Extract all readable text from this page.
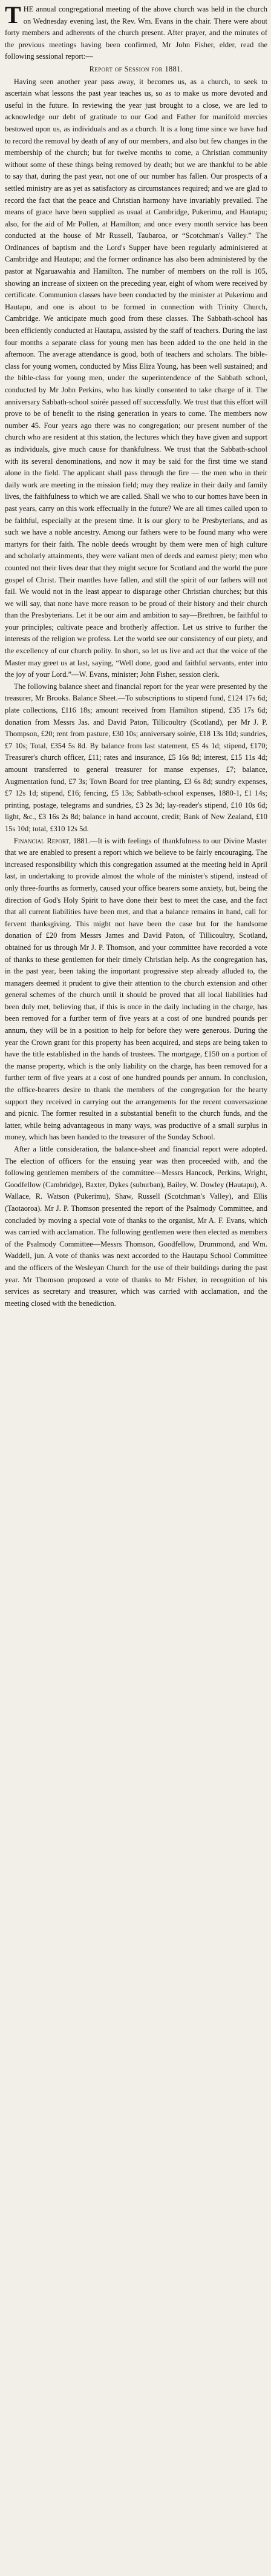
THE annual congregational meeting of the above church was held in the church on Wednesday evening last, the Rev. Wm. Evans in the chair. There were about forty members and adherents of the church present. After prayer, and the minutes of the previous meetings having been confirmed, Mr John Fisher, elder, read the following sessional report:—

Report of Session for 1881.

Having seen another year pass away, it becomes us, as a church, to seek to ascertain what lessons the past year teaches us, so as to make us more devoted and useful in the future. In reviewing the year just brought to a close, we are led to acknowledge our debt of gratitude to our God and Father for manifold mercies bestowed upon us, as individuals and as a church. It is a long time since we have had to record the removal by death of any of our members, and also but few changes in the membership of the church; but for twelve months to come, a Christian community without some of these things being removed by death; but we are thankful to be able to say that, during the past year, not one of our number has fallen. Our prospects of a settled ministry are as yet as satisfactory as circumstances required; and we are glad to record the fact that the peace and Christian harmony have invariably prevailed. The means of grace have been supplied as usual at Cambridge, Pukerimu, and Hautapu; also, for the aid of Mr Pollen, at Hamilton; and once every month service has been conducted at the house of Mr Russell, Taubaroa, or “Scotchman's Valley.” The Ordinances of baptism and the Lord's Supper have been regularly administered at Cambridge and Hautapu; and the former ordinance has also been administered by the pastor at Ngaruawahia and Hamilton. The number of members on the roll is 105, showing an increase of sixteen on the preceding year, eight of whom were received by certificate. Communion classes have been conducted by the minister at Pukerimu and Hautapu, and one is about to be formed in connection with Trinity Church, Cambridge. We anticipate much good from these classes. The Sabbath-school has been efficiently conducted at Hautapu, assisted by the staff of teachers. During the last four months a separate class for young men has been added to the one held in the afternoon. The average attendance is good, both of teachers and scholars. The bible-class for young women, conducted by Miss Eliza Young, has been well sustained; and the bible-class for young men, under the superintendence of the Sabbath school, conducted by Mr John Perkins, who has kindly consented to take charge of it. The anniversary Sabbath-school soirée passed off successfully. We trust that this effort will prove to be of benefit to the rising generation in years to come. The members now number 45. Four years ago there was no congregation; our present number of the church who are resident at this station, the lectures which they have given and support as individuals, give much cause for thankfulness. We trust that the Sabbath-school with its several denominations, and now it may be said for the first time we stand alone in the field. The applicant shall pass through the fire — the men who in their daily work are meeting in the mission field; may they realize in their daily and family lives, the faithfulness to which we are called. Shall we who to our homes have been in past years, carry on this work effectually in the future? We are all times called upon to be faithful, especially at the present time. It is our glory to be Presbyterians, and as such we have a noble ancestry. Among our fathers were to be found many who were martyrs for their faith. The noble deeds wrought by them were men of high culture and scholarly attainments, they were valiant men of deeds and earnest piety; men who counted not their lives dear that they might secure for Scotland and the world the pure gospel of Christ. Their mantles have fallen, and still the spirit of our fathers will not fail. We would not in the least appear to disparage other Christian churches; but this we will say, that none have more reason to be proud of their history and their church than the Presbyterians. Let it be our aim and ambition to say—Brethren, be faithful to your principles; cultivate peace and brotherly affection. Let us strive to further the interests of the religion we profess. Let the world see our consistency of our piety, and the excellency of our church polity. In short, so let us live and act that the voice of the Master may greet us at last, saying, “Well done, good and faithful servants, enter into the joy of your Lord.”—W. Evans, minister; John Fisher, session clerk.

The following balance sheet and financial report for the year were presented by the treasurer, Mr Brooks. Balance Sheet.—To subscriptions to stipend fund, £124 17s 6d; plate collections, £116 18s; amount received from Hamilton stipend, £35 17s 6d; donation from Messrs Jas. and David Paton, Tillicoultry (Scotland), per Mr J. P. Thompson, £20; rent from pasture, £30 10s; anniversary soirée, £18 13s 10d; sundries, £7 10s; Total, £354 5s 8d. By balance from last statement, £5 4s 1d; stipend, £170; Treasurer's church officer, £11; rates and insurance, £5 16s 8d; interest, £15 11s 4d; amount transferred to general treasurer for manse expenses, £7; balance, Augmentation fund, £7 3s; Town Board for tree planting, £3 6s 8d; sundry expenses, £7 12s 1d; stipend, £16; fencing, £5 13s; Sabbath-school expenses, 1880-1, £1 14s; printing, postage, telegrams and sundries, £3 2s 3d; lay-reader's stipend, £10 10s 6d; light, &c., £3 16s 2s 8d; balance in hand account, credit; Bank of New Zealand, £10 15s 10d; total, £310 12s 5d.

Financial Report, 1881.—It is with feelings of thankfulness to our Divine Master that we are enabled to present a report which we believe to be fairly encouraging. The increased responsibility which this congregation assumed at the meeting held in April last, in undertaking to provide almost the whole of the minister's stipend, instead of only three-fourths as formerly, caused your office bearers some anxiety, but, being the direction of God's Holy Spirit to have done their best to meet the case, and the fact that all current liabilities have been met, and that a balance remains in hand, call for fervent thanksgiving. This might not have been the case but for the handsome donation of £20 from Messrs James and David Paton, of Tillicoultry, Scotland, obtained for us through Mr J. P. Thomson, and your committee have recorded a vote of thanks to these gentlemen for their timely Christian help. As the congregation has, in the past year, been taking the important progressive step already alluded to, the managers deemed it prudent to give their attention to the church extension and other general schemes of the church until it should be proved that all local liabilities had been duly met, believing that, if this is once in the daily including in the charge, has been removed for a further term of five years at a cost of one hundred pounds per annum, they will be in a position to help for before they were generous. During the year the Crown grant for this property has been acquired, and steps are being taken to have the title established in the hands of trustees. The mortgage, £150 on a portion of the manse property, which is the only liability on the charge, has been removed for a further term of five years at a cost of one hundred pounds per annum. In conclusion, the office-bearers desire to thank the members of the congregation for the hearty support they received in carrying out the arrangements for the recent conversazione and picnic. The former resulted in a substantial benefit to the church funds, and the latter, while being advantageous in many ways, was productive of a small surplus in money, which has been handed to the treasurer of the Sunday School.

After a little consideration, the balance-sheet and financial report were adopted. The election of officers for the ensuing year was then proceeded with, and the following gentlemen members of the committee—Messrs Hancock, Perkins, Wright, Goodfellow (Cambridge), Baxter, Dykes (suburban), Bailey, W. Dowley (Hautapu), A. Wallace, R. Watson (Pukerimu), Shaw, Russell (Scotchman's Valley), and Ellis (Taotaoroa). Mr J. P. Thomson presented the report of the Psalmody Committee, and concluded by moving a special vote of thanks to the organist, Mr A. F. Evans, which was carried with acclamation. The following gentlemen were then elected as members of the Psalmody Committee—Messrs Thomson, Goodfellow, Drummond, and Wm. Waddell, jun. A vote of thanks was next accorded to the Hautapu School Committee and the officers of the Wesleyan Church for the use of their buildings during the past year. Mr Thomson proposed a vote of thanks to Mr Fisher, in recognition of his services as secretary and treasurer, which was carried with acclamation, and the meeting closed with the benediction.
